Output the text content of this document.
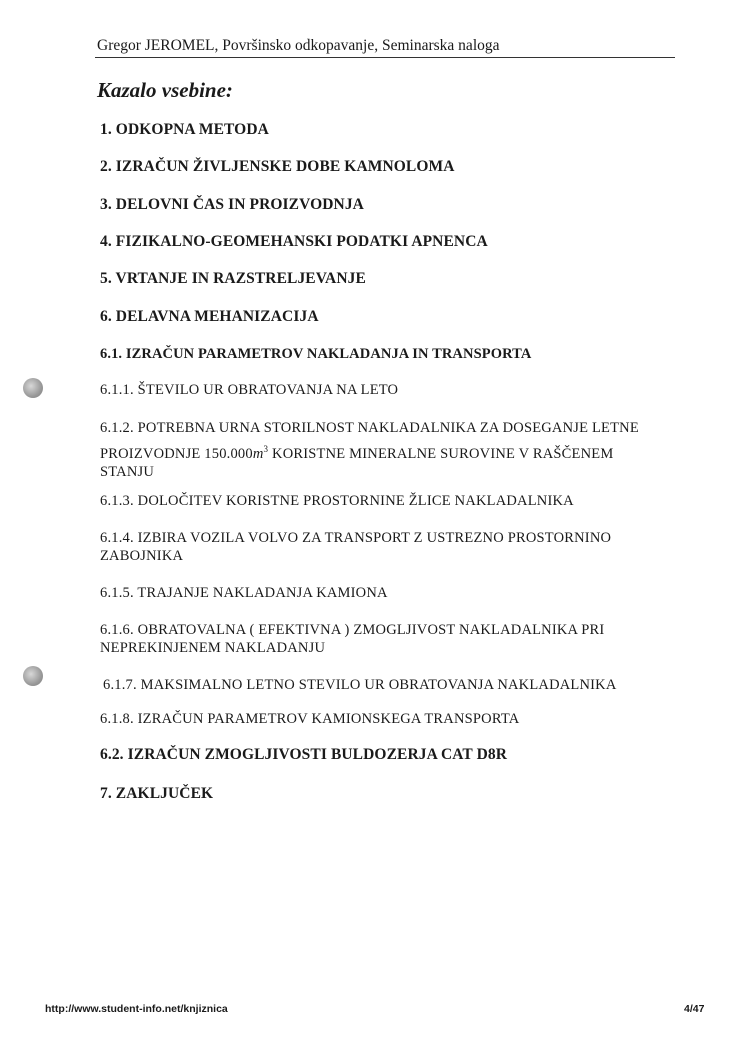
Gregor JEROMEL, Površinsko odkopavanje, Seminarska naloga
Kazalo vsebine:
1. ODKOPNA METODA
2. IZRAČUN ŽIVLJENSKE DOBE KAMNOLOMA
3. DELOVNI ČAS IN PROIZVODNJA
4. FIZIKALNO-GEOMEHANSKI PODATKI APNENCA
5. VRTANJE IN RAZSTRELJEVANJE
6. DELAVNA MEHANIZACIJA
6.1. IZRAČUN PARAMETROV NAKLADANJA IN TRANSPORTA
6.1.1. ŠTEVILO UR OBRATOVANJA NA LETO
6.1.2. POTREBNA URNA STORILNOST NAKLADALNIKA ZA DOSEGANJE LETNE
PROIZVODNJE $150.000m^3$ KORISTNE MINERALNE SUROVINE V RAŠČENEM
STANJU
6.1.3. DOLOČITEV KORISTNE PROSTORNINE ŽLICE NAKLADALNIKA
6.1.4. IZBIRA VOZILA VOLVO ZA TRANSPORT Z USTREZNO PROSTORNINO
ZABOJNIKA
6.1.5. TRAJANJE NAKLADANJA KAMIONA
6.1.6. OBRATOVALNA ( EFEKTIVNA ) ZMOGLJIVOST NAKLADALNIKA PRI
NEPREKINJENEM NAKLADANJU
6.1.7. MAKSIMALNO LETNO STEVILO UR OBRATOVANJA NAKLADALNIKA
6.1.8. IZRAČUN PARAMETROV KAMIONSKEGA TRANSPORTA
6.2. IZRAČUN ZMOGLJIVOSTI BULDOZERJA CAT D8R
7. ZAKLJUČEK
http://www.student-info.net/knjiznica	4/47
